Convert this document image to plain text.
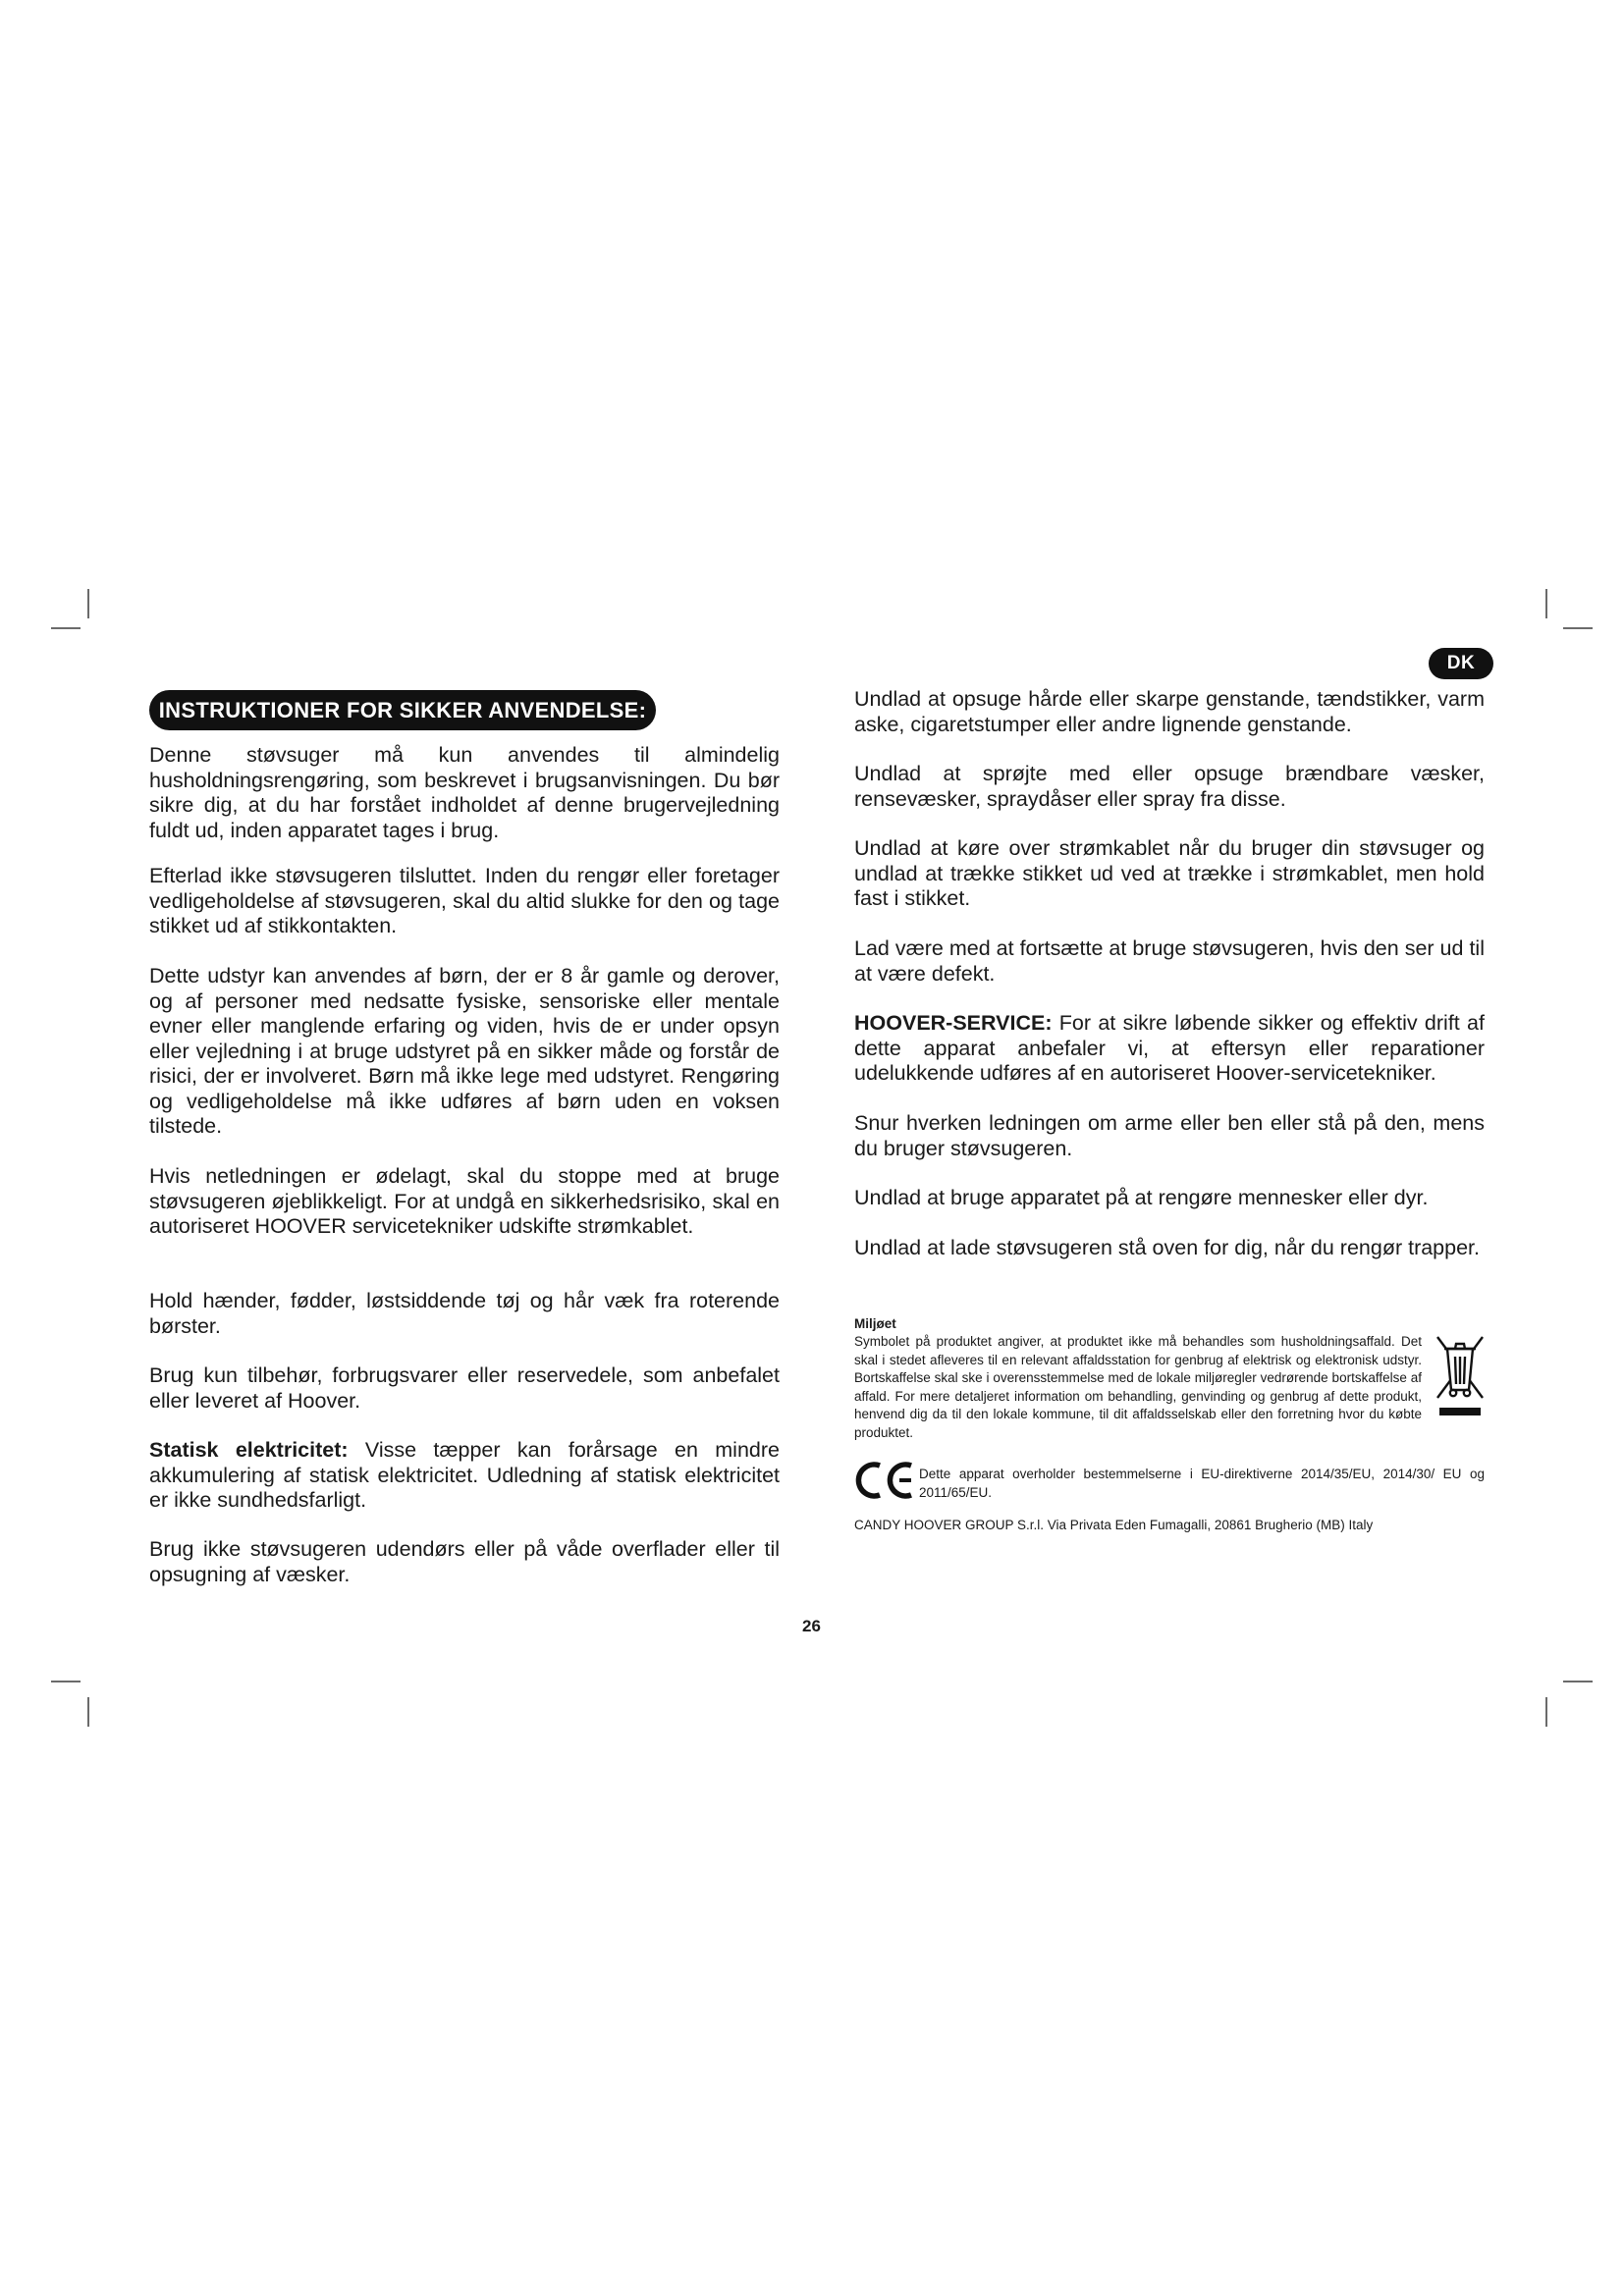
DK
INSTRUKTIONER FOR SIKKER ANVENDELSE:

Denne støvsuger må kun anvendes til almindelig husholdningsrengøring, som beskrevet i brugsanvisningen. Du bør sikre dig, at du har forstået indholdet af denne brugervejledning fuldt ud, inden apparatet tages i brug.

Efterlad ikke støvsugeren tilsluttet. Inden du rengør eller foretager vedligeholdelse af støvsugeren, skal du altid slukke for den og tage stikket ud af stikkontakten.

Dette udstyr kan anvendes af børn, der er 8 år gamle og derover, og af personer med nedsatte fysiske, sensoriske eller mentale evner eller manglende erfaring og viden, hvis de er under opsyn eller vejledning i at bruge udstyret på en sikker måde og forstår de risici, der er involveret. Børn må ikke lege med udstyret. Rengøring og vedligeholdelse må ikke udføres af børn uden en voksen tilstede.

Hvis netledningen er ødelagt, skal du stoppe med at bruge støvsugeren øjeblikkeligt. For at undgå en sikkerhedsrisiko, skal en autoriseret HOOVER servicetekniker udskifte strømkablet.

Hold hænder, fødder, løstsiddende tøj og hår væk fra roterende børster.

Brug kun tilbehør, forbrugsvarer eller reservedele, som anbefalet eller leveret af Hoover.

Statisk elektricitet: Visse tæpper kan forårsage en mindre akkumulering af statisk elektricitet. Udledning af statisk elektricitet er ikke sundhedsfarligt.

Brug ikke støvsugeren udendørs eller på våde overflader eller til opsugning af væsker.

Undlad at opsuge hårde eller skarpe genstande, tændstikker, varm aske, cigaretstumper eller andre lignende genstande.

Undlad at sprøjte med eller opsuge brændbare væsker, rensevæsker, spraydåser eller spray fra disse.

Undlad at køre over strømkablet når du bruger din støvsuger og undlad at trække stikket ud ved at trække i strømkablet, men hold fast i stikket.

Lad være med at fortsætte at bruge støvsugeren, hvis den ser ud til at være defekt.

HOOVER-SERVICE: For at sikre løbende sikker og effektiv drift af dette apparat anbefaler vi, at eftersyn eller reparationer udelukkende udføres af en autoriseret Hoover-servicetekniker.

Snur hverken ledningen om arme eller ben eller stå på den, mens du bruger støvsugeren.

Undlad at bruge apparatet på at rengøre mennesker eller dyr.

Undlad at lade støvsugeren stå oven for dig, når du rengør trapper.

Miljøet

Symbolet på produktet angiver, at produktet ikke må behandles som husholdningsaffald. Det skal i stedet afleveres til en relevant affaldsstation for genbrug af elektrisk og elektronisk udstyr. Bortskaffelse skal ske i overensstemmelse med de lokale miljøregler vedrørende bortskaffelse af affald. For mere detaljeret information om behandling, genvinding og genbrug af dette produkt, henvend dig da til den lokale kommune, til dit affaldsselskab eller den forretning hvor du købte produktet.

Dette apparat overholder bestemmelserne i EU-direktiverne 2014/35/EU, 2014/30/ EU og 2011/65/EU.

CANDY HOOVER GROUP S.r.l. Via Privata Eden Fumagalli, 20861 Brugherio (MB) Italy

26
